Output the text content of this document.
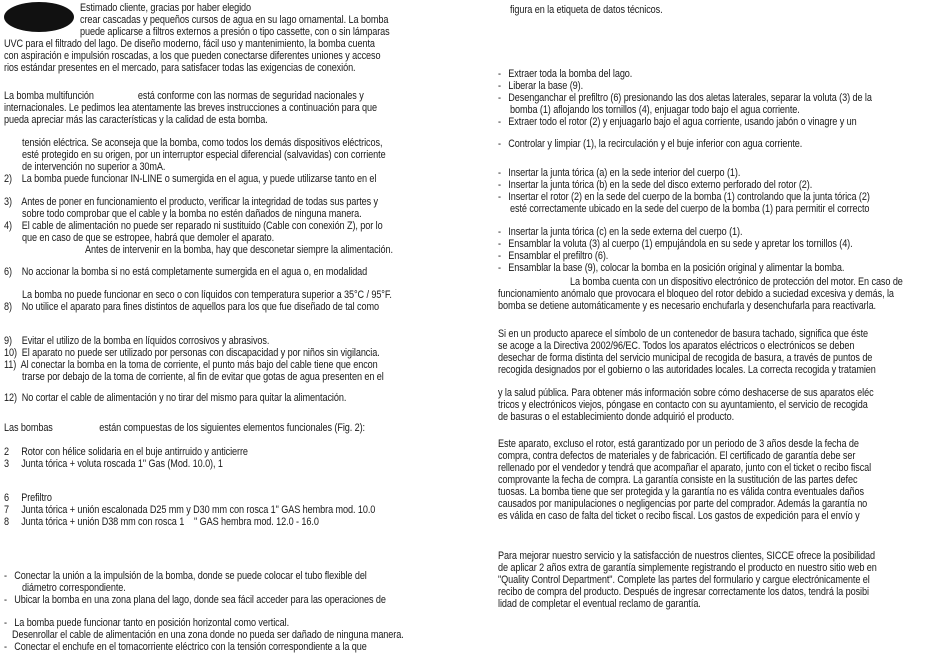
Estimado cliente, gracias por haber elegido
crear cascadas y pequeños cursos de agua en su lago ornamental. La bomba
puede aplicarse a filtros externos a presión o tipo cassette, con o sin lámparas
UVC para el filtrado del lago. De diseño moderno, fácil uso y mantenimiento, la bomba cuenta
con aspiración e impulsión roscadas, a los que pueden conectarse diferentes uniones y acceso
rios estándar presentes en el mercado, para satisfacer todas las exigencias de conexión.
La bomba multifunción                  está conforme con las normas de seguridad nacionales y
internacionales. Le pedimos lea atentamente las breves instrucciones a continuación para que
pueda apreciar más las características y la calidad de esta bomba.
tensión eléctrica. Se aconseja que la bomba, como todos los demás dispositivos eléctricos,
esté protegido en su origen, por un interruptor especial diferencial (salvavidas) con corriente
de intervención no superior a 30mA.
2)    La bomba puede funcionar IN-LINE o sumergida en el agua, y puede utilizarse tanto en el
3)    Antes de poner en funcionamiento el producto, verificar la integridad de todas sus partes y
sobre todo comprobar que el cable y la bomba no estén dañados de ninguna manera.
4)    El cable de alimentación no puede ser reparado ni sustituido (Cable con conexión Z), por lo
que en caso de que se estropee, habrá que demoler el aparato.
Antes de intervenir en la bomba, hay que desconetar siempre la alimentación.
6)    No accionar la bomba si no está completamente sumergida en el agua o, en modalidad
La bomba no puede funcionar en seco o con líquidos con temperatura superior a 35°C / 95°F.
8)    No utilice el aparato para fines distintos de aquellos para los que fue diseñado de tal como
9)    Evitar el utilizo de la bomba en líquidos corrosivos y abrasivos.
10)  El aparato no puede ser utilizado por personas con discapacidad y por niños sin vigilancia.
11)  Al conectar la bomba en la toma de corriente, el punto más bajo del cable tiene que encon
trarse por debajo de la toma de corriente, al fin de evitar que gotas de agua presenten en el
12)  No cortar el cable de alimentación y no tirar del mismo para quitar la alimentación.
Las bombas                   están compuestas de los siguientes elementos funcionales (Fig. 2):
2     Rotor con hélice solidaria en el buje antirruido y anticierre
3     Junta tórica + voluta roscada 1" Gas (Mod. 10.0), 1
6     Prefiltro
7     Junta tórica + unión escalonada D25 mm y D30 mm con rosca 1" GAS hembra mod. 10.0
8     Junta tórica + unión D38 mm con rosca 1    " GAS hembra mod. 12.0 - 16.0
-   Conectar la unión a la impulsión de la bomba, donde se puede colocar el tubo flexible del
diámetro correspondiente.
-   Ubicar la bomba en una zona plana del lago, donde sea fácil acceder para las operaciones de
-   La bomba puede funcionar tanto en posición horizontal como vertical.
Desenrollar el cable de alimentación en una zona donde no pueda ser dañado de ninguna manera.
-   Conectar el enchufe en el tomacorriente eléctrico con la tensión correspondiente a la que
figura en la etiqueta de datos técnicos.
-   Extraer toda la bomba del lago.
-   Liberar la base (9).
-   Desenganchar el prefiltro (6) presionando las dos aletas laterales, separar la voluta (3) de la
bomba (1) aflojando los tornillos (4), enjuagar todo bajo el agua corriente.
-   Extraer todo el rotor (2) y enjuagarlo bajo el agua corriente, usando jabón o vinagre y un
-   Controlar y limpiar (1), la recirculación y el buje inferior con agua corriente.
-   Insertar la junta tórica (a) en la sede interior del cuerpo (1).
-   Insertar la junta tórica (b) en la sede del disco externo perforado del rotor (2).
-   Insertar el rotor (2) en la sede del cuerpo de la bomba (1) controlando que la junta tórica (2)
esté correctamente ubicado en la sede del cuerpo de la bomba (1) para permitir el correcto
-   Insertar la junta tórica (c) en la sede externa del cuerpo (1).
-   Ensamblar la voluta (3) al cuerpo (1) empujándola en su sede y apretar los tornillos (4).
-   Ensamblar el prefiltro (6).
-   Ensamblar la base (9), colocar la bomba en la posición original y alimentar la bomba.
La bomba cuenta con un dispositivo electrónico de protección del motor. En caso de
funcionamiento anómalo que provocara el bloqueo del rotor debido a suciedad excesiva y demás, la
bomba se detiene automáticamente y es necesario enchufarla y desenchufarla para reactivarla.
Si en un producto aparece el símbolo de un contenedor de basura tachado, significa que éste
se acoge a la Directiva 2002/96/EC. Todos los aparatos eléctricos o electrónicos se deben
desechar de forma distinta del servicio municipal de recogida de basura, a través de puntos de
recogida designados por el gobierno o las autoridades locales. La correcta recogida y tratamien
y la salud pública. Para obtener más información sobre cómo deshacerse de sus aparatos eléc
tricos y electrónicos viejos, póngase en contacto con su ayuntamiento, el servicio de recogida
de basuras o el establecimiento donde adquirió el producto.
Este aparato, excluso el rotor, está garantizado por un periodo de 3 años desde la fecha de
compra, contra defectos de materiales y de fabricación. El certificado de garantía debe ser
rellenado por el vendedor y tendrá que acompañar el aparato, junto con el ticket o recibo fiscal
comprovante la fecha de compra. La garantía consiste en la sustitución de las partes defec
tuosas. La bomba tiene que ser protegida y la garantía no es válida contra eventuales daños
causados por manipulaciones o negligencias por parte del comprador. Además la garantía no
es válida en caso de falta del ticket o recibo fiscal. Los gastos de expedición para el envío y
Para mejorar nuestro servicio y la satisfacción de nuestros clientes, SICCE ofrece la posibilidad
de aplicar 2 años extra de garantía simplemente registrando el producto en nuestro sitio web en
"Quality Control Department". Complete las partes del formulario y cargue electrónicamente el
recibo de compra del producto. Después de ingresar correctamente los datos, tendrá la posibi
lidad de completar el eventual reclamo de garantía.
